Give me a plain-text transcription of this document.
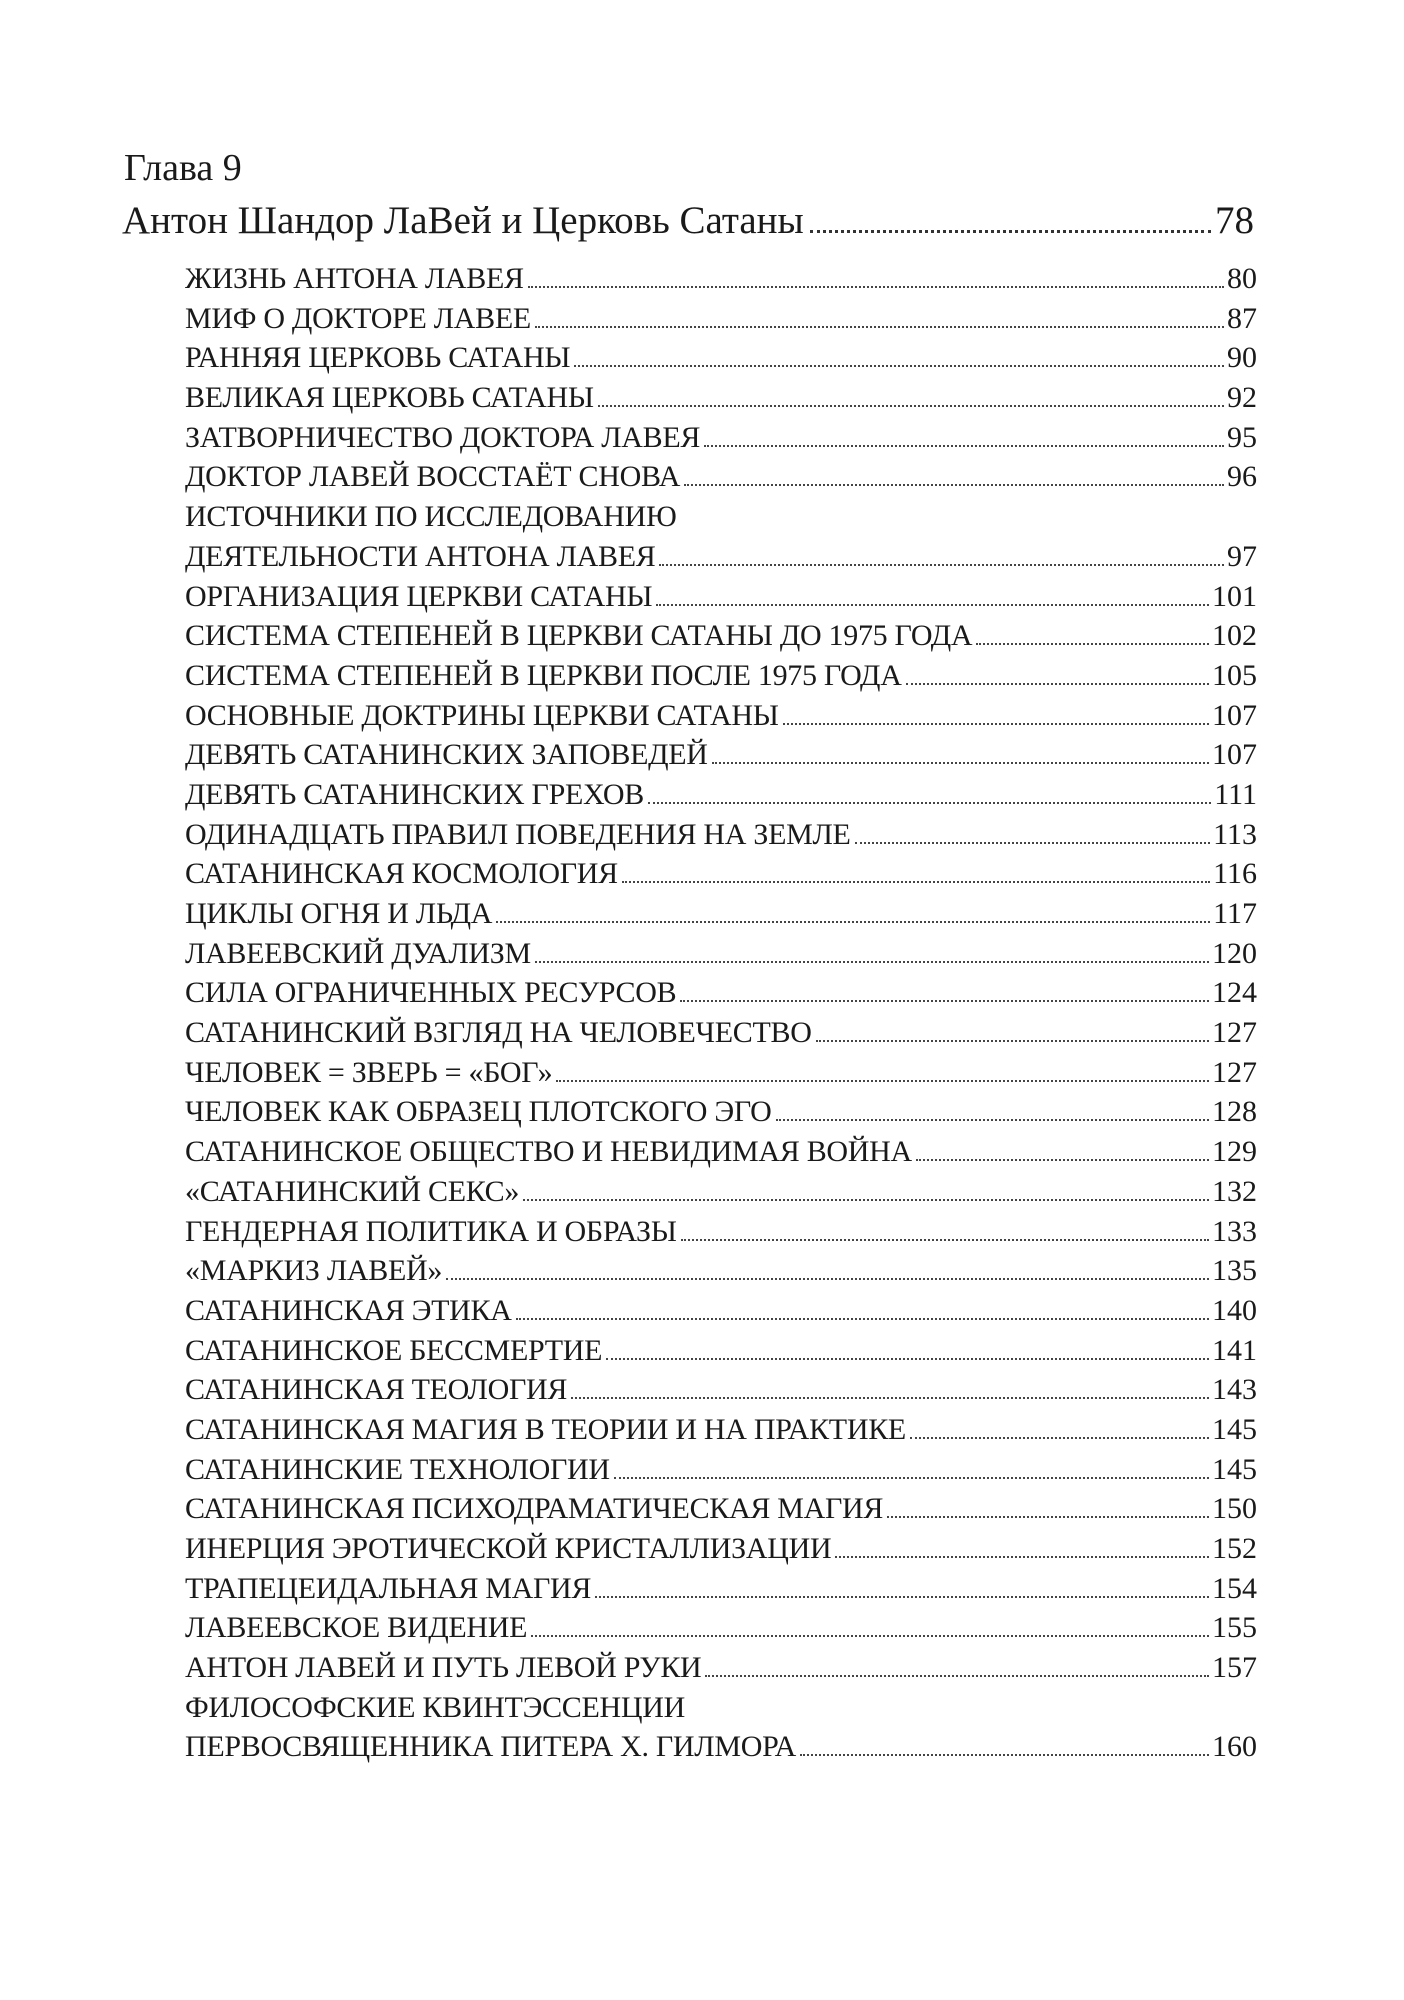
Глава 9
Антон Шандор ЛаВей и Церковь Сатаны	78
ЖИЗНЬ АНТОНА ЛАВЕЯ	80
МИФ О ДОКТОРЕ ЛАВЕЕ	87
РАННЯЯ ЦЕРКОВЬ САТАНЫ	90
ВЕЛИКАЯ ЦЕРКОВЬ САТАНЫ	92
ЗАТВОРНИЧЕСТВО ДОКТОРА ЛАВЕЯ	95
ДОКТОР ЛАВЕЙ ВОССТАЁТ СНОВА	96
ИСТОЧНИКИ ПО ИССЛЕДОВАНИЮ
ДЕЯТЕЛЬНОСТИ АНТОНА ЛАВЕЯ	97
ОРГАНИЗАЦИЯ ЦЕРКВИ САТАНЫ	101
СИСТЕМА СТЕПЕНЕЙ В ЦЕРКВИ САТАНЫ ДО 1975 ГОДА	102
СИСТЕМА СТЕПЕНЕЙ В ЦЕРКВИ ПОСЛЕ 1975 ГОДА	105
ОСНОВНЫЕ ДОКТРИНЫ ЦЕРКВИ САТАНЫ	107
ДЕВЯТЬ САТАНИНСКИХ ЗАПОВЕДЕЙ	107
ДЕВЯТЬ САТАНИНСКИХ ГРЕХОВ	111
ОДИНАДЦАТЬ ПРАВИЛ ПОВЕДЕНИЯ НА ЗЕМЛЕ	113
САТАНИНСКАЯ КОСМОЛОГИЯ	116
ЦИКЛЫ ОГНЯ И ЛЬДА	117
ЛАВЕЕВСКИЙ ДУАЛИЗМ	120
СИЛА ОГРАНИЧЕННЫХ РЕСУРСОВ	124
САТАНИНСКИЙ ВЗГЛЯД НА ЧЕЛОВЕЧЕСТВО	127
ЧЕЛОВЕК = ЗВЕРЬ = «БОГ»	127
ЧЕЛОВЕК КАК ОБРАЗЕЦ ПЛОТСКОГО ЭГО	128
САТАНИНСКОЕ ОБЩЕСТВО И НЕВИДИМАЯ ВОЙНА	129
«САТАНИНСКИЙ СЕКС»	132
ГЕНДЕРНАЯ ПОЛИТИКА И ОБРАЗЫ	133
«МАРКИЗ ЛАВЕЙ»	135
САТАНИНСКАЯ ЭТИКА	140
САТАНИНСКОЕ БЕССМЕРТИЕ	141
САТАНИНСКАЯ ТЕОЛОГИЯ	143
САТАНИНСКАЯ МАГИЯ В ТЕОРИИ И НА ПРАКТИКЕ	145
САТАНИНСКИЕ ТЕХНОЛОГИИ	145
САТАНИНСКАЯ ПСИХОДРАМАТИЧЕСКАЯ МАГИЯ	150
ИНЕРЦИЯ ЭРОТИЧЕСКОЙ КРИСТАЛЛИЗАЦИИ	152
ТРАПЕЦЕИДАЛЬНАЯ МАГИЯ	154
ЛАВЕЕВСКОЕ ВИДЕНИЕ	155
АНТОН ЛАВЕЙ И ПУТЬ ЛЕВОЙ РУКИ	157
ФИЛОСОФСКИЕ КВИНТЭССЕНЦИИ
ПЕРВОСВЯЩЕННИКА ПИТЕРА Х. ГИЛМОРА	160
